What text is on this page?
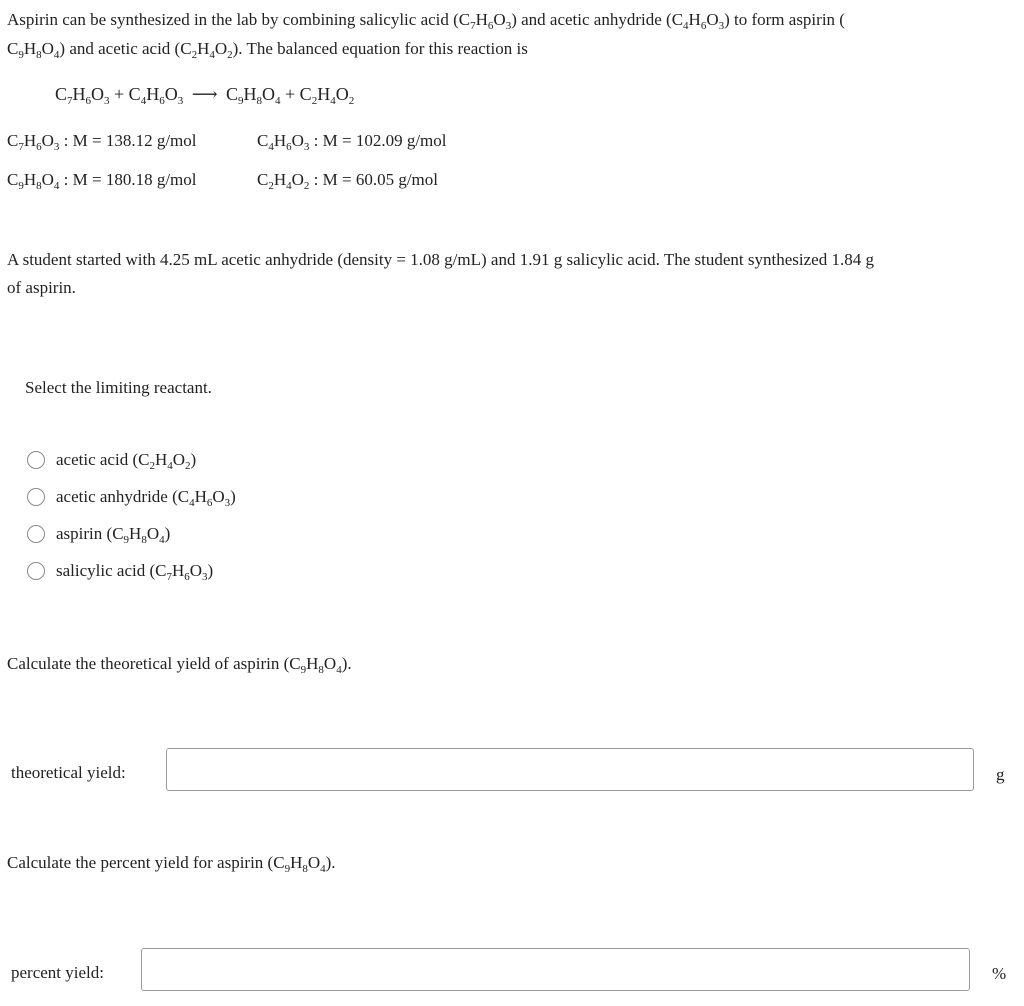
Aspirin can be synthesized in the lab by combining salicylic acid $(C_7H_6O_3)$ and acetic anhydride $(C_4H_6O_3)$ to form aspirin (
$C_9H_8O_4$) and acetic acid $(C_2H_4O_2)$. The balanced equation for this reaction is
$C_7H_6O_3 + C_4H_6O_3$ ⟶ $C_9H_8O_4 + C_2H_4O_2$
$C_7H_6O_3$ : M = 138.12 g/mol	$C_4H_6O_3$ : M = 102.09 g/mol
$C_9H_8O_4$ : M = 180.18 g/mol	$C_2H_4O_2$ : M = 60.05 g/mol
A student started with 4.25 mL acetic anhydride (density = 1.08 g/mL) and 1.91 g salicylic acid. The student synthesized 1.84 g
of aspirin.
Select the limiting reactant.
acetic acid $(C_2H_4O_2)$
acetic anhydride $(C_4H_6O_3)$
aspirin $(C_9H_8O_4)$
salicylic acid $(C_7H_6O_3)$
Calculate the theoretical yield of aspirin $(C_9H_8O_4)$.
theoretical yield:	g
Calculate the percent yield for aspirin $(C_9H_8O_4)$.
percent yield:	%
